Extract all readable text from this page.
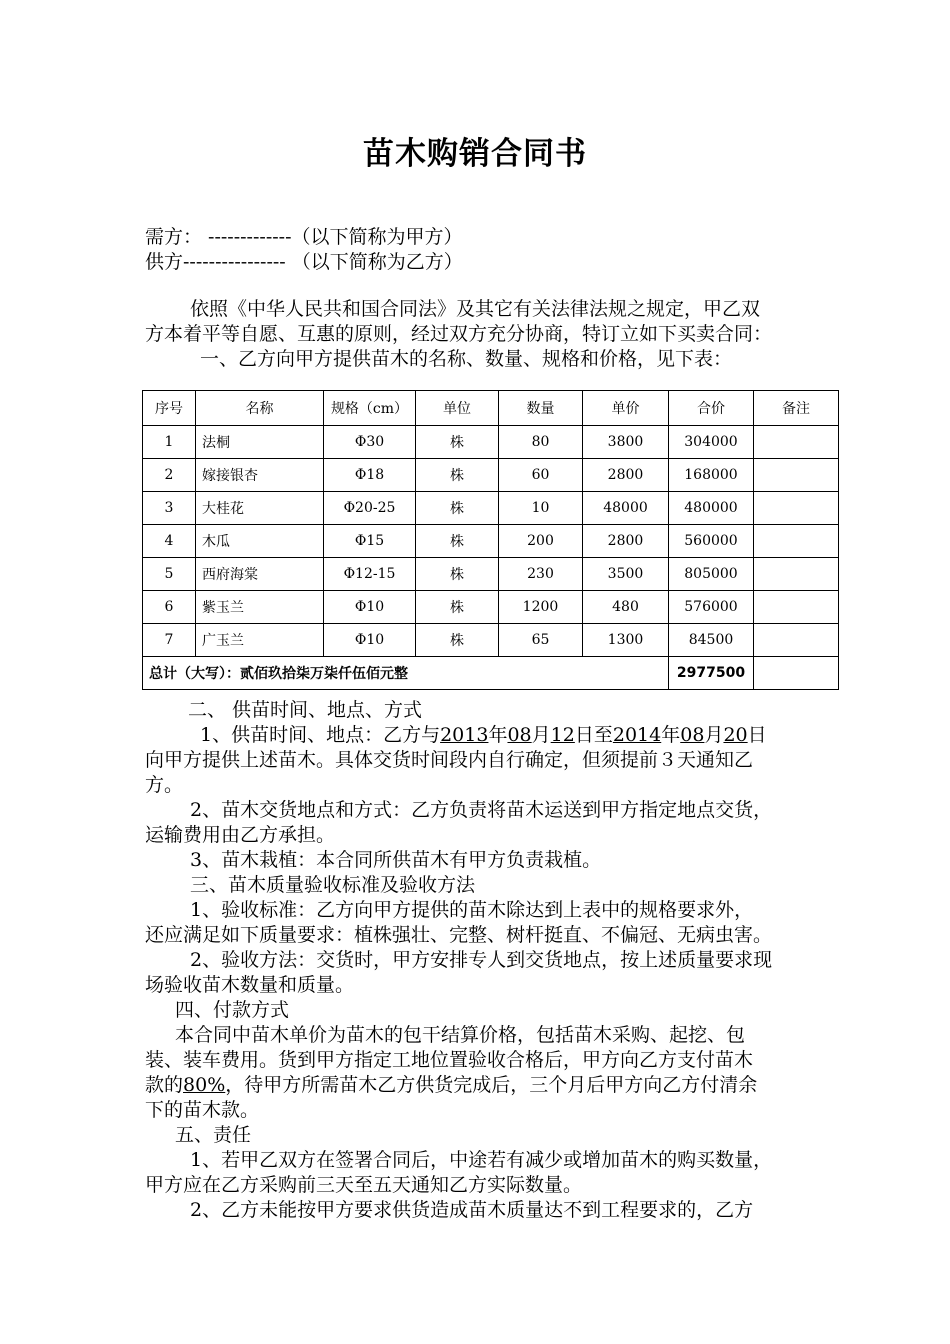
苗木购销合同书
需方： -------------（以下简称为甲方）
供方---------------- （以下简称为乙方）
依照《中华人民共和国合同法》及其它有关法律法规之规定，甲乙双
方本着平等自愿、互惠的原则，经过双方充分协商，特订立如下买卖合同：
一、乙方向甲方提供苗木的名称、数量、规格和价格，见下表：
序号	名称	规格（cm）	单位	数量	单价	合价	备注
1	法桐	Φ30	株	80	3800	304000	
2	嫁接银杏	Φ18	株	60	2800	168000	
3	大桂花	Φ20-25	株	10	48000	480000	
4	木瓜	Φ15	株	200	2800	560000	
5	西府海棠	Φ12-15	株	230	3500	805000	
6	紫玉兰	Φ10	株	1200	480	576000	
7	广玉兰	Φ10	株	65	1300	84500	
总计（大写）：贰佰玖拾柒万柒仟伍佰元整						2977500	
二、 供苗时间、地点、方式
1、供苗时间、地点：乙方与2013年08月12日至2014年08月20日
向甲方提供上述苗木。具体交货时间段内自行确定，但须提前３天通知乙
方。
2、苗木交货地点和方式：乙方负责将苗木运送到甲方指定地点交货，
运输费用由乙方承担。
3、苗木栽植：本合同所供苗木有甲方负责栽植。
三、苗木质量验收标准及验收方法
1、验收标准：乙方向甲方提供的苗木除达到上表中的规格要求外，
还应满足如下质量要求：植株强壮、完整、树杆挺直、不偏冠、无病虫害。
2、验收方法：交货时，甲方安排专人到交货地点，按上述质量要求现
场验收苗木数量和质量。
四、付款方式
本合同中苗木单价为苗木的包干结算价格，包括苗木采购、起挖、包
装、装车费用。货到甲方指定工地位置验收合格后，甲方向乙方支付苗木
款的80%，待甲方所需苗木乙方供货完成后，三个月后甲方向乙方付清余
下的苗木款。
五、责任
1、若甲乙双方在签署合同后，中途若有减少或增加苗木的购买数量，
甲方应在乙方采购前三天至五天通知乙方实际数量。
2、乙方未能按甲方要求供货造成苗木质量达不到工程要求的，乙方
